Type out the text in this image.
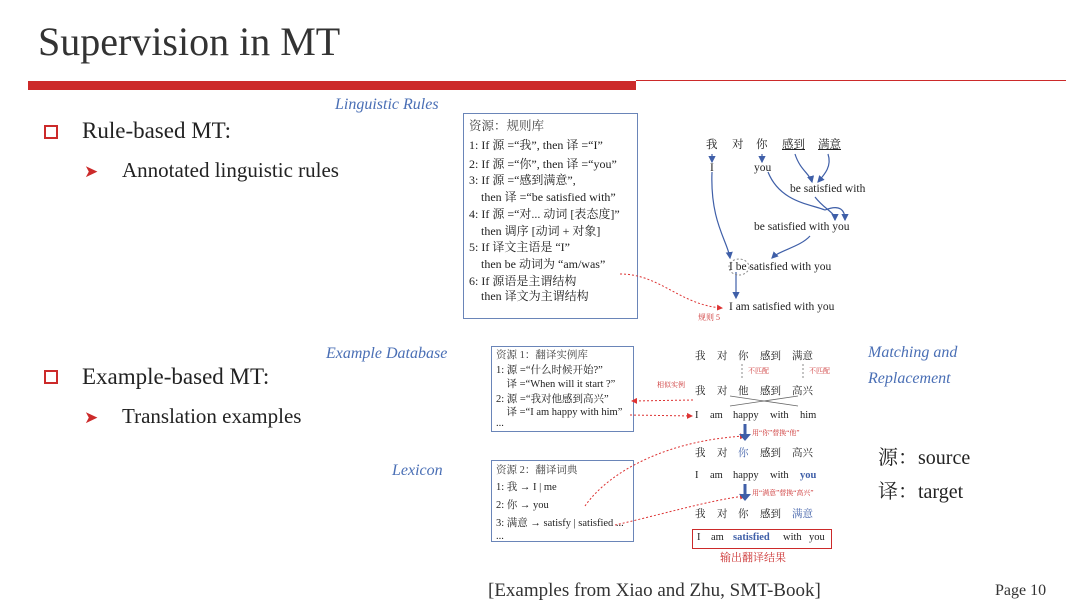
Supervision in MT
Rule-based MT:
➤ Annotated linguistic rules
Example-based MT:
➤ Translation examples
Linguistic Rules
Example Database
Lexicon
Matching and
Replacement
资源：规则库
1: If 源 =“我”, then 译 =“I”
2: If 源 =“你”, then 译 =“you”
3: If 源 =“感到满意”,
then 译 =“be satisfied with”
4: If 源 =“对... 动词 [表态度]”
then 调序 [动词 + 对象]
5: If 译文主语是 “I”
then be 动词为 “am/was”
6: If 源语是主谓结构
then 译文为主谓结构
资源 1：翻译实例库
1: 源 =“什么时候开始?”
译 =“When will it start ?”
2: 源 =“我对他感到高兴”
译 =“I am happy with him”
...
资源 2：翻译词典
1: 我 → I | me
2: 你 → you
3: 满意 → satisfy | satisfied ...
...
我 对 你 感到 满意
I	you
be satisfied with
be satisfied with you
I be satisfied with you
I am satisfied with you
规则 5
相似实例
我 对 你 感到 满意
不匹配	不匹配
我 对 他 感到 高兴
I am happy with him
用“你”替换“他”
我 对 你 感到 高兴
I am happy with you
用“满意”替换“高兴”
我 对 你 感到 满意
I am satisfied with you
输出翻译结果
源：source
译：target
[Examples from Xiao and Zhu, SMT-Book]	Page 10
